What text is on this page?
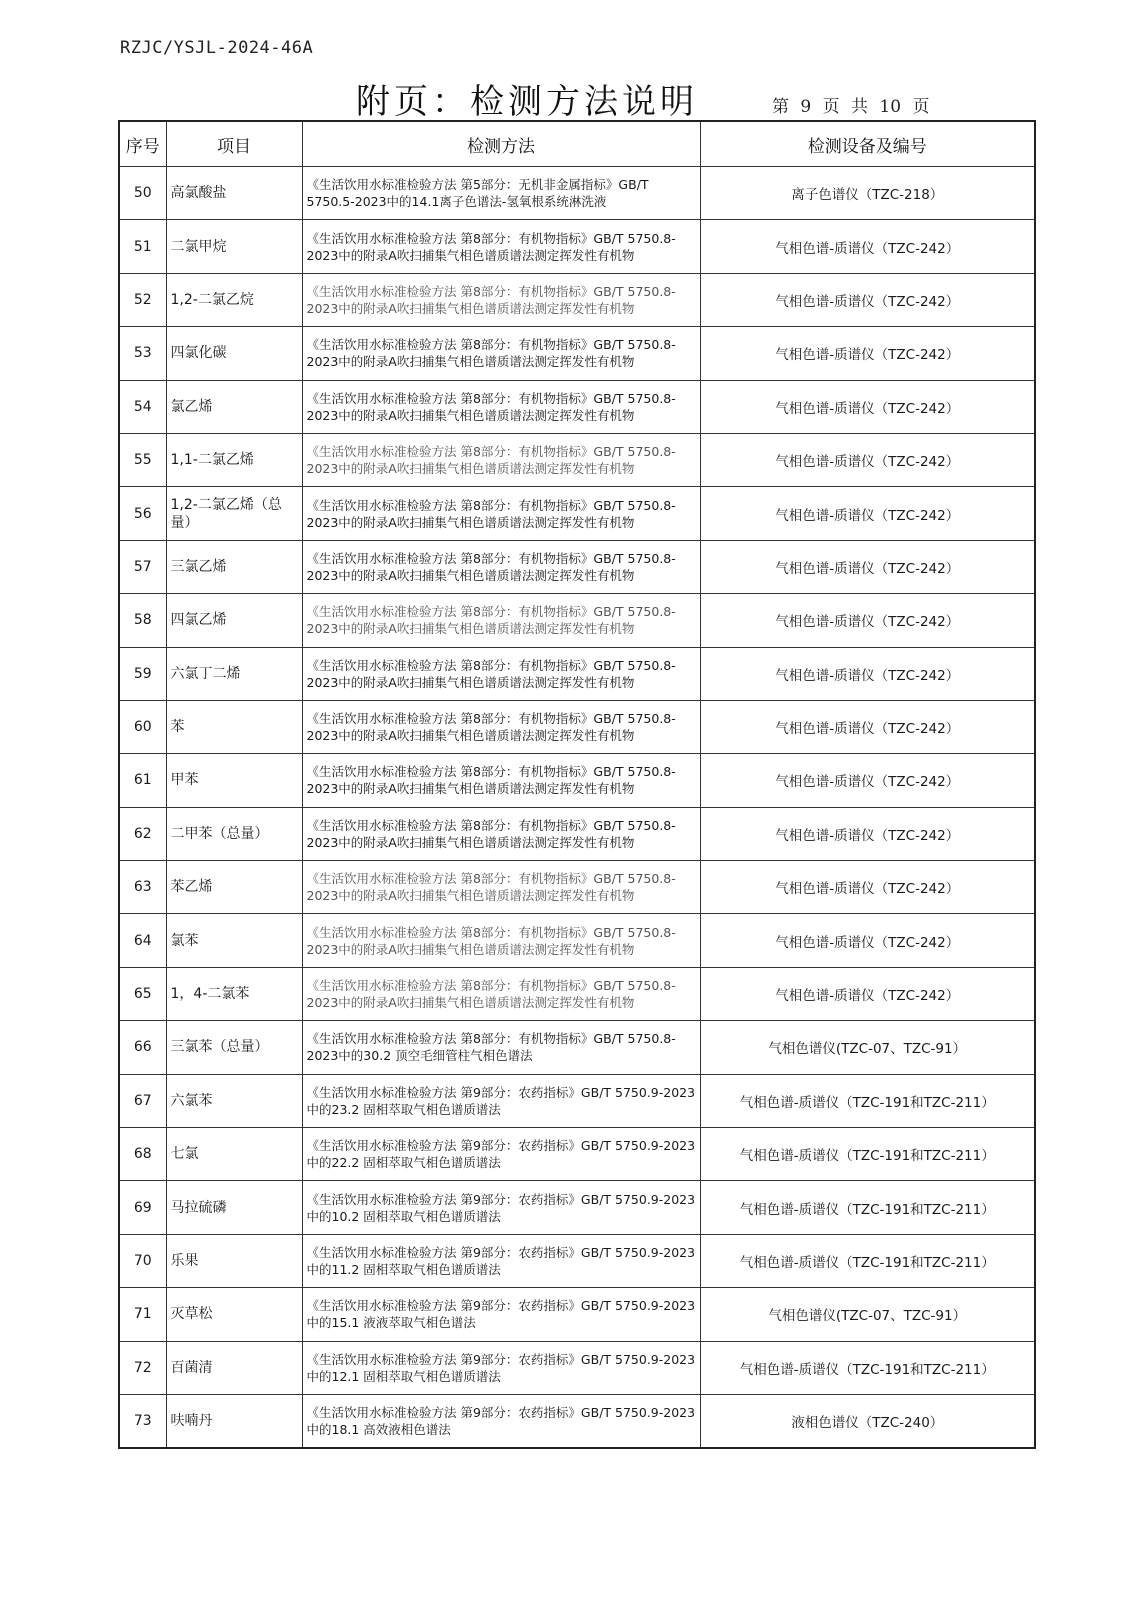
RZJC/YSJL-2024-46A
附页：检测方法说明	第 9 页 共 10 页
序号	项目	检测方法	检测设备及编号
50	高氯酸盐	《生活饮用水标准检验方法 第5部分：无机非金属指标》GB/T 5750.5-2023中的14.1离子色谱法-氢氧根系统淋洗液	离子色谱仪（TZC-218）
51	二氯甲烷	《生活饮用水标准检验方法 第8部分：有机物指标》GB/T 5750.8-2023中的附录A吹扫捕集气相色谱质谱法测定挥发性有机物	气相色谱-质谱仪（TZC-242）
52	1,2-二氯乙烷	《生活饮用水标准检验方法 第8部分：有机物指标》GB/T 5750.8-2023中的附录A吹扫捕集气相色谱质谱法测定挥发性有机物	气相色谱-质谱仪（TZC-242）
53	四氯化碳	《生活饮用水标准检验方法 第8部分：有机物指标》GB/T 5750.8-2023中的附录A吹扫捕集气相色谱质谱法测定挥发性有机物	气相色谱-质谱仪（TZC-242）
54	氯乙烯	《生活饮用水标准检验方法 第8部分：有机物指标》GB/T 5750.8-2023中的附录A吹扫捕集气相色谱质谱法测定挥发性有机物	气相色谱-质谱仪（TZC-242）
55	1,1-二氯乙烯	《生活饮用水标准检验方法 第8部分：有机物指标》GB/T 5750.8-2023中的附录A吹扫捕集气相色谱质谱法测定挥发性有机物	气相色谱-质谱仪（TZC-242）
56	1,2-二氯乙烯（总量）	《生活饮用水标准检验方法 第8部分：有机物指标》GB/T 5750.8-2023中的附录A吹扫捕集气相色谱质谱法测定挥发性有机物	气相色谱-质谱仪（TZC-242）
57	三氯乙烯	《生活饮用水标准检验方法 第8部分：有机物指标》GB/T 5750.8-2023中的附录A吹扫捕集气相色谱质谱法测定挥发性有机物	气相色谱-质谱仪（TZC-242）
58	四氯乙烯	《生活饮用水标准检验方法 第8部分：有机物指标》GB/T 5750.8-2023中的附录A吹扫捕集气相色谱质谱法测定挥发性有机物	气相色谱-质谱仪（TZC-242）
59	六氯丁二烯	《生活饮用水标准检验方法 第8部分：有机物指标》GB/T 5750.8-2023中的附录A吹扫捕集气相色谱质谱法测定挥发性有机物	气相色谱-质谱仪（TZC-242）
60	苯	《生活饮用水标准检验方法 第8部分：有机物指标》GB/T 5750.8-2023中的附录A吹扫捕集气相色谱质谱法测定挥发性有机物	气相色谱-质谱仪（TZC-242）
61	甲苯	《生活饮用水标准检验方法 第8部分：有机物指标》GB/T 5750.8-2023中的附录A吹扫捕集气相色谱质谱法测定挥发性有机物	气相色谱-质谱仪（TZC-242）
62	二甲苯（总量）	《生活饮用水标准检验方法 第8部分：有机物指标》GB/T 5750.8-2023中的附录A吹扫捕集气相色谱质谱法测定挥发性有机物	气相色谱-质谱仪（TZC-242）
63	苯乙烯	《生活饮用水标准检验方法 第8部分：有机物指标》GB/T 5750.8-2023中的附录A吹扫捕集气相色谱质谱法测定挥发性有机物	气相色谱-质谱仪（TZC-242）
64	氯苯	《生活饮用水标准检验方法 第8部分：有机物指标》GB/T 5750.8-2023中的附录A吹扫捕集气相色谱质谱法测定挥发性有机物	气相色谱-质谱仪（TZC-242）
65	1，4-二氯苯	《生活饮用水标准检验方法 第8部分：有机物指标》GB/T 5750.8-2023中的附录A吹扫捕集气相色谱质谱法测定挥发性有机物	气相色谱-质谱仪（TZC-242）
66	三氯苯（总量）	《生活饮用水标准检验方法 第8部分：有机物指标》GB/T 5750.8-2023中的30.2 顶空毛细管柱气相色谱法	气相色谱仪(TZC-07、TZC-91）
67	六氯苯	《生活饮用水标准检验方法 第9部分：农药指标》GB/T 5750.9-2023中的23.2 固相萃取气相色谱质谱法	气相色谱-质谱仪（TZC-191和TZC-211）
68	七氯	《生活饮用水标准检验方法 第9部分：农药指标》GB/T 5750.9-2023中的22.2 固相萃取气相色谱质谱法	气相色谱-质谱仪（TZC-191和TZC-211）
69	马拉硫磷	《生活饮用水标准检验方法 第9部分：农药指标》GB/T 5750.9-2023中的10.2 固相萃取气相色谱质谱法	气相色谱-质谱仪（TZC-191和TZC-211）
70	乐果	《生活饮用水标准检验方法 第9部分：农药指标》GB/T 5750.9-2023中的11.2 固相萃取气相色谱质谱法	气相色谱-质谱仪（TZC-191和TZC-211）
71	灭草松	《生活饮用水标准检验方法 第9部分：农药指标》GB/T 5750.9-2023中的15.1 液液萃取气相色谱法	气相色谱仪(TZC-07、TZC-91）
72	百菌清	《生活饮用水标准检验方法 第9部分：农药指标》GB/T 5750.9-2023中的12.1 固相萃取气相色谱质谱法	气相色谱-质谱仪（TZC-191和TZC-211）
73	呋喃丹	《生活饮用水标准检验方法 第9部分：农药指标》GB/T 5750.9-2023中的18.1 高效液相色谱法	液相色谱仪（TZC-240）
